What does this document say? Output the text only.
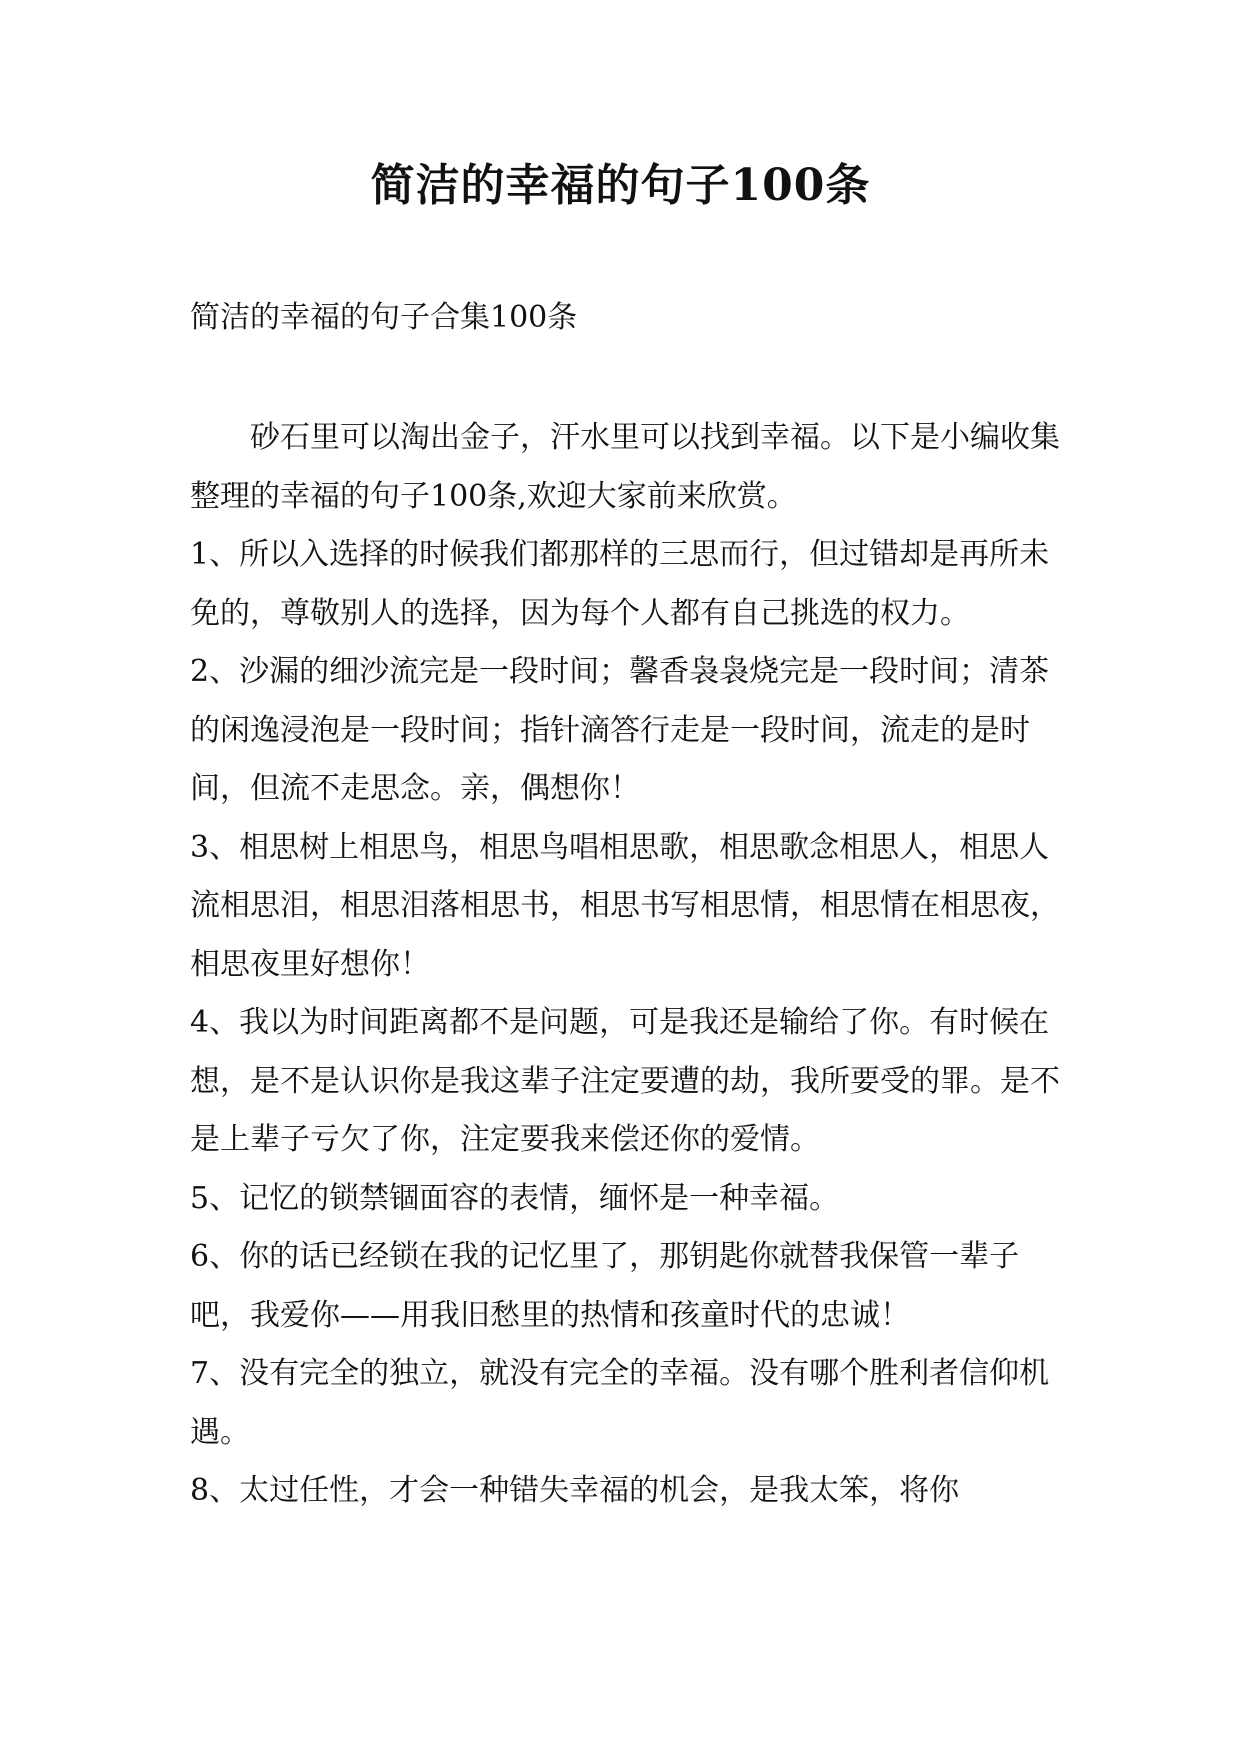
简洁的幸福的句子100条

简洁的幸福的句子合集100条

砂石里可以淘出金子，汗水里可以找到幸福。以下是小编收集整理的幸福的句子100条,欢迎大家前来欣赏。

1、所以入选择的时候我们都那样的三思而行，但过错却是再所未免的，尊敬别人的选择，因为每个人都有自己挑选的权力。

2、沙漏的细沙流完是一段时间；馨香袅袅烧完是一段时间；清茶的闲逸浸泡是一段时间；指针滴答行走是一段时间，流走的是时间，但流不走思念。亲，偶想你！

3、相思树上相思鸟，相思鸟唱相思歌，相思歌念相思人，相思人流相思泪，相思泪落相思书，相思书写相思情，相思情在相思夜，相思夜里好想你！

4、我以为时间距离都不是问题，可是我还是输给了你。有时候在想，是不是认识你是我这辈子注定要遭的劫，我所要受的罪。是不是上辈子亏欠了你，注定要我来偿还你的爱情。

5、记忆的锁禁锢面容的表情，缅怀是一种幸福。

6、你的话已经锁在我的记忆里了，那钥匙你就替我保管一辈子吧，我爱你——用我旧愁里的热情和孩童时代的忠诚！

7、没有完全的独立，就没有完全的幸福。没有哪个胜利者信仰机遇。

8、太过任性，才会一种错失幸福的机会，是我太笨，将你
